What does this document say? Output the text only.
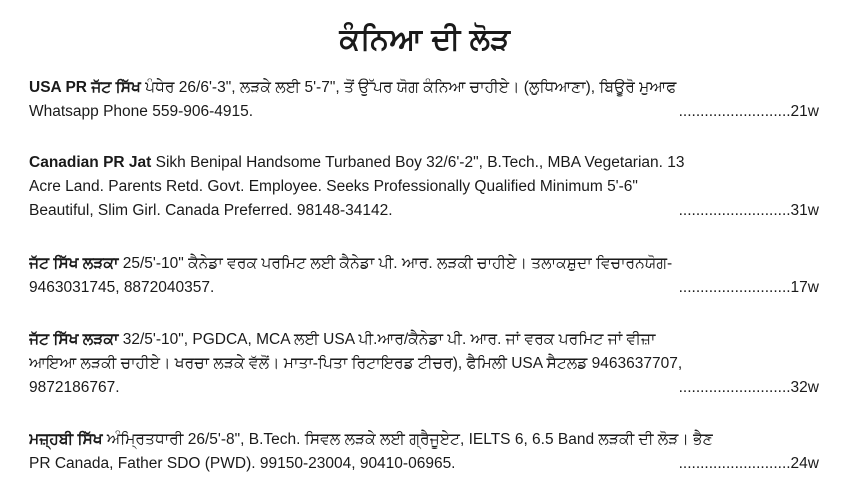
ਕੰਨਿਆ ਦੀ ਲੋੜ
USA PR ਜੱਟ ਸਿੱਖ ਪੰਧੇਰ 26/6'-3", ਲੜਕੇ ਲਈ 5'-7", ਤੋਂ ਉੱਪਰ ਯੋਗ ਕੰਨਿਆ ਚਾਹੀਏ। (ਲੁਧਿਆਣਾ), ਬਿਊਰੋ ਮੁਆਫ
Whatsapp Phone 559-906-4915.	..........................21w
Canadian PR Jat Sikh Benipal Handsome Turbaned Boy 32/6'-2", B.Tech., MBA Vegetarian. 13
Acre Land. Parents Retd. Govt. Employee. Seeks Professionally Qualified Minimum 5'-6"
Beautiful, Slim Girl. Canada Preferred. 98148-34142.	..........................31w
ਜੱਟ ਸਿੱਖ ਲੜਕਾ 25/5'-10" ਕੈਨੇਡਾ ਵਰਕ ਪਰਮਿਟ ਲਈ ਕੈਨੇਡਾ ਪੀ. ਆਰ. ਲੜਕੀ ਚਾਹੀਏ। ਤਲਾਕਸ਼ੁਦਾ ਵਿਚਾਰਨਯੋਗ-
9463031745, 8872040357.	..........................17w
ਜੱਟ ਸਿੱਖ ਲੜਕਾ 32/5'-10", PGDCA, MCA ਲਈ USA ਪੀ.ਆਰ/ਕੈਨੇਡਾ ਪੀ. ਆਰ. ਜਾਂ ਵਰਕ ਪਰਮਿਟ ਜਾਂ ਵੀਜ਼ਾ
ਆਇਆ ਲੜਕੀ ਚਾਹੀਏ। ਖਰਚਾ ਲੜਕੇ ਵੱਲੋਂ। ਮਾਤਾ-ਪਿਤਾ ਰਿਟਾਇਰਡ ਟੀਚਰ), ਫੈਮਿਲੀ USA ਸੈਟਲਡ 9463637707,
9872186767.	..........................32w
ਮਜ਼੍ਹਬੀ ਸਿੱਖ ਅੰਮ੍ਰਿਤਧਾਰੀ 26/5'-8", B.Tech. ਸਿਵਲ ਲੜਕੇ ਲਈ ਗ੍ਰੈਜੂਏਟ, IELTS 6, 6.5 Band ਲੜਕੀ ਦੀ ਲੋੜ। ਭੈਣ
PR Canada, Father SDO (PWD). 99150-23004, 90410-06965.	..........................24w
